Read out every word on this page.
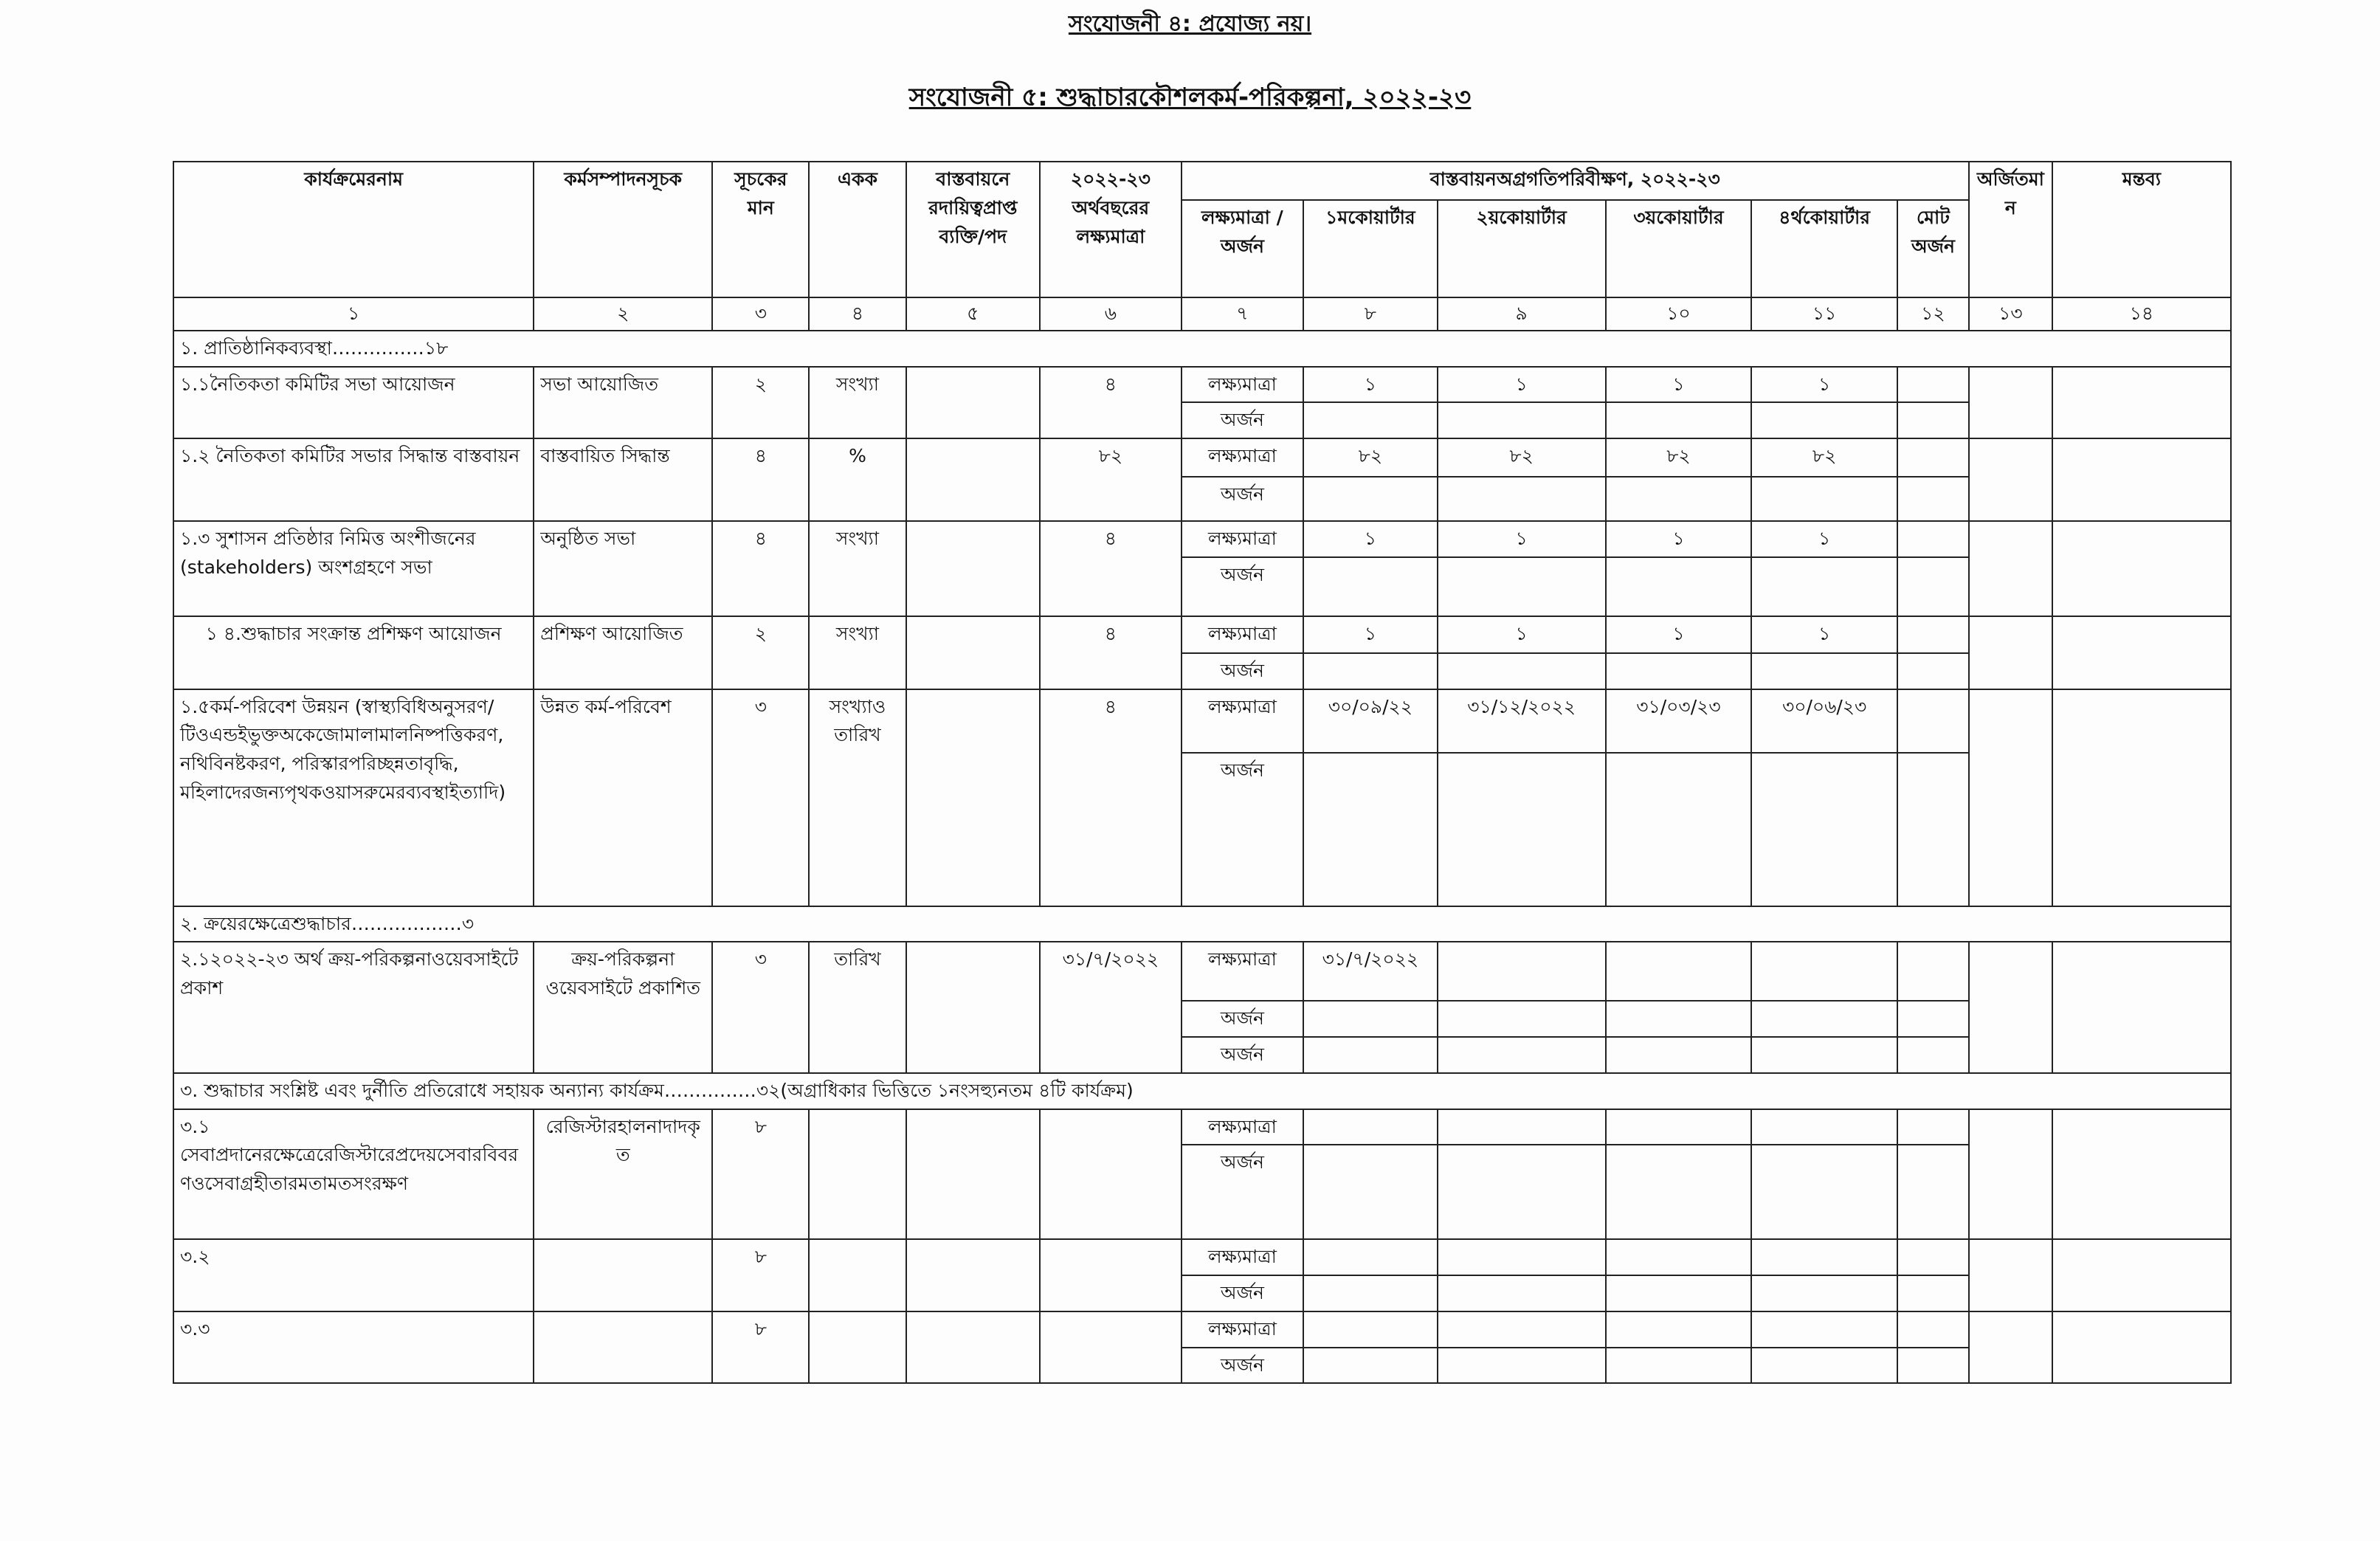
সংযোজনী ৪: প্রযোজ্য নয়।
সংযোজনী ৫: শুদ্ধাচারকৌশলকর্ম-পরিকল্পনা, ২০২২-২৩
কার্যক্রমেরনাম	কর্মসম্পাদনসূচক	সূচকের মান	একক	বাস্তবায়নে রদায়িত্বপ্রাপ্ত ব্যক্তি/পদ	২০২২-২৩ অর্থবছরের লক্ষ্যমাত্রা	বাস্তবায়নঅগ্রগতিপরিবীক্ষণ, ২০২২-২৩						অর্জিতমান	মন্তব্য
						লক্ষ্যমাত্রা / অর্জন	১মকোয়ার্টার	২য়কোয়ার্টার	৩য়কোয়ার্টার	৪র্থকোয়ার্টার	মোট অর্জন		
১	২	৩	৪	৫	৬	৭	৮	৯	১০	১১	১২	১৩	১৪
১. প্রাতিষ্ঠানিকব্যবস্থা……………১৮													
১.১নৈতিকতা কমিটির সভা আয়োজন	সভা আয়োজিত	২	সংখ্যা		৪	লক্ষ্যমাত্রা	১	১	১	১			
						অর্জন							
১.২ নৈতিকতা কমিটির সভার সিদ্ধান্ত বাস্তবায়ন	বাস্তবায়িত সিদ্ধান্ত	৪	%		৮২	লক্ষ্যমাত্রা	৮২	৮২	৮২	৮২			
						অর্জন							
১.৩ সুশাসন প্রতিষ্ঠার নিমিত্ত অংশীজনের (stakeholders) অংশগ্রহণে সভা	অনুষ্ঠিত সভা	৪	সংখ্যা		৪	লক্ষ্যমাত্রা	১	১	১	১			
						অর্জন							
১ ৪.শুদ্ধাচার সংক্রান্ত প্রশিক্ষণ আয়োজন	প্রশিক্ষণ আয়োজিত	২	সংখ্যা		৪	লক্ষ্যমাত্রা	১	১	১	১			
						অর্জন							
১.৫কর্ম-পরিবেশ উন্নয়ন (স্বাস্থ্যবিধিঅনুসরণ/টিওএন্ডইভুক্তঅকেজোমালামালনিষ্পত্তিকরণ, নথিবিনষ্টকরণ, পরিস্কারপরিচ্ছন্নতাবৃদ্ধি, মহিলাদেরজন্যপৃথকওয়াসরুমেরব্যবস্থাইত্যাদি)	উন্নত কর্ম-পরিবেশ	৩	সংখ্যাও তারিখ		৪	লক্ষ্যমাত্রা	৩০/০৯/২২	৩১/১২/২০২২	৩১/০৩/২৩	৩০/০৬/২৩			
						অর্জন							
২. ক্রয়েরক্ষেত্রেশুদ্ধাচার………………৩													
২.১২০২২-২৩ অর্থ ক্রয়-পরিকল্পনাওয়েবসাইটে প্রকাশ	ক্রয়-পরিকল্পনা ওয়েবসাইটে প্রকাশিত	৩	তারিখ		৩১/৭/২০২২	লক্ষ্যমাত্রা	৩১/৭/২০২২						
						অর্জন							
						অর্জন							
৩. শুদ্ধাচার সংশ্লিষ্ট এবং দুর্নীতি প্রতিরোধে সহায়ক অন্যান্য কার্যক্রম……………৩২(অগ্রাধিকার ভিত্তিতে ১নংসহ্যুনতম ৪টি কার্যক্রম)													
৩.১ সেবাপ্রদানেরক্ষেত্রেরেজিস্টারেপ্রদেয়সেবারবিবরণওসেবাগ্রহীতারমতামতসংরক্ষণ	রেজিস্টারহালনাদাদকৃত	৮				লক্ষ্যমাত্রা							
						অর্জন							
৩.২		৮				লক্ষ্যমাত্রা							
						অর্জন							
৩.৩		৮				লক্ষ্যমাত্রা							
						অর্জন							
